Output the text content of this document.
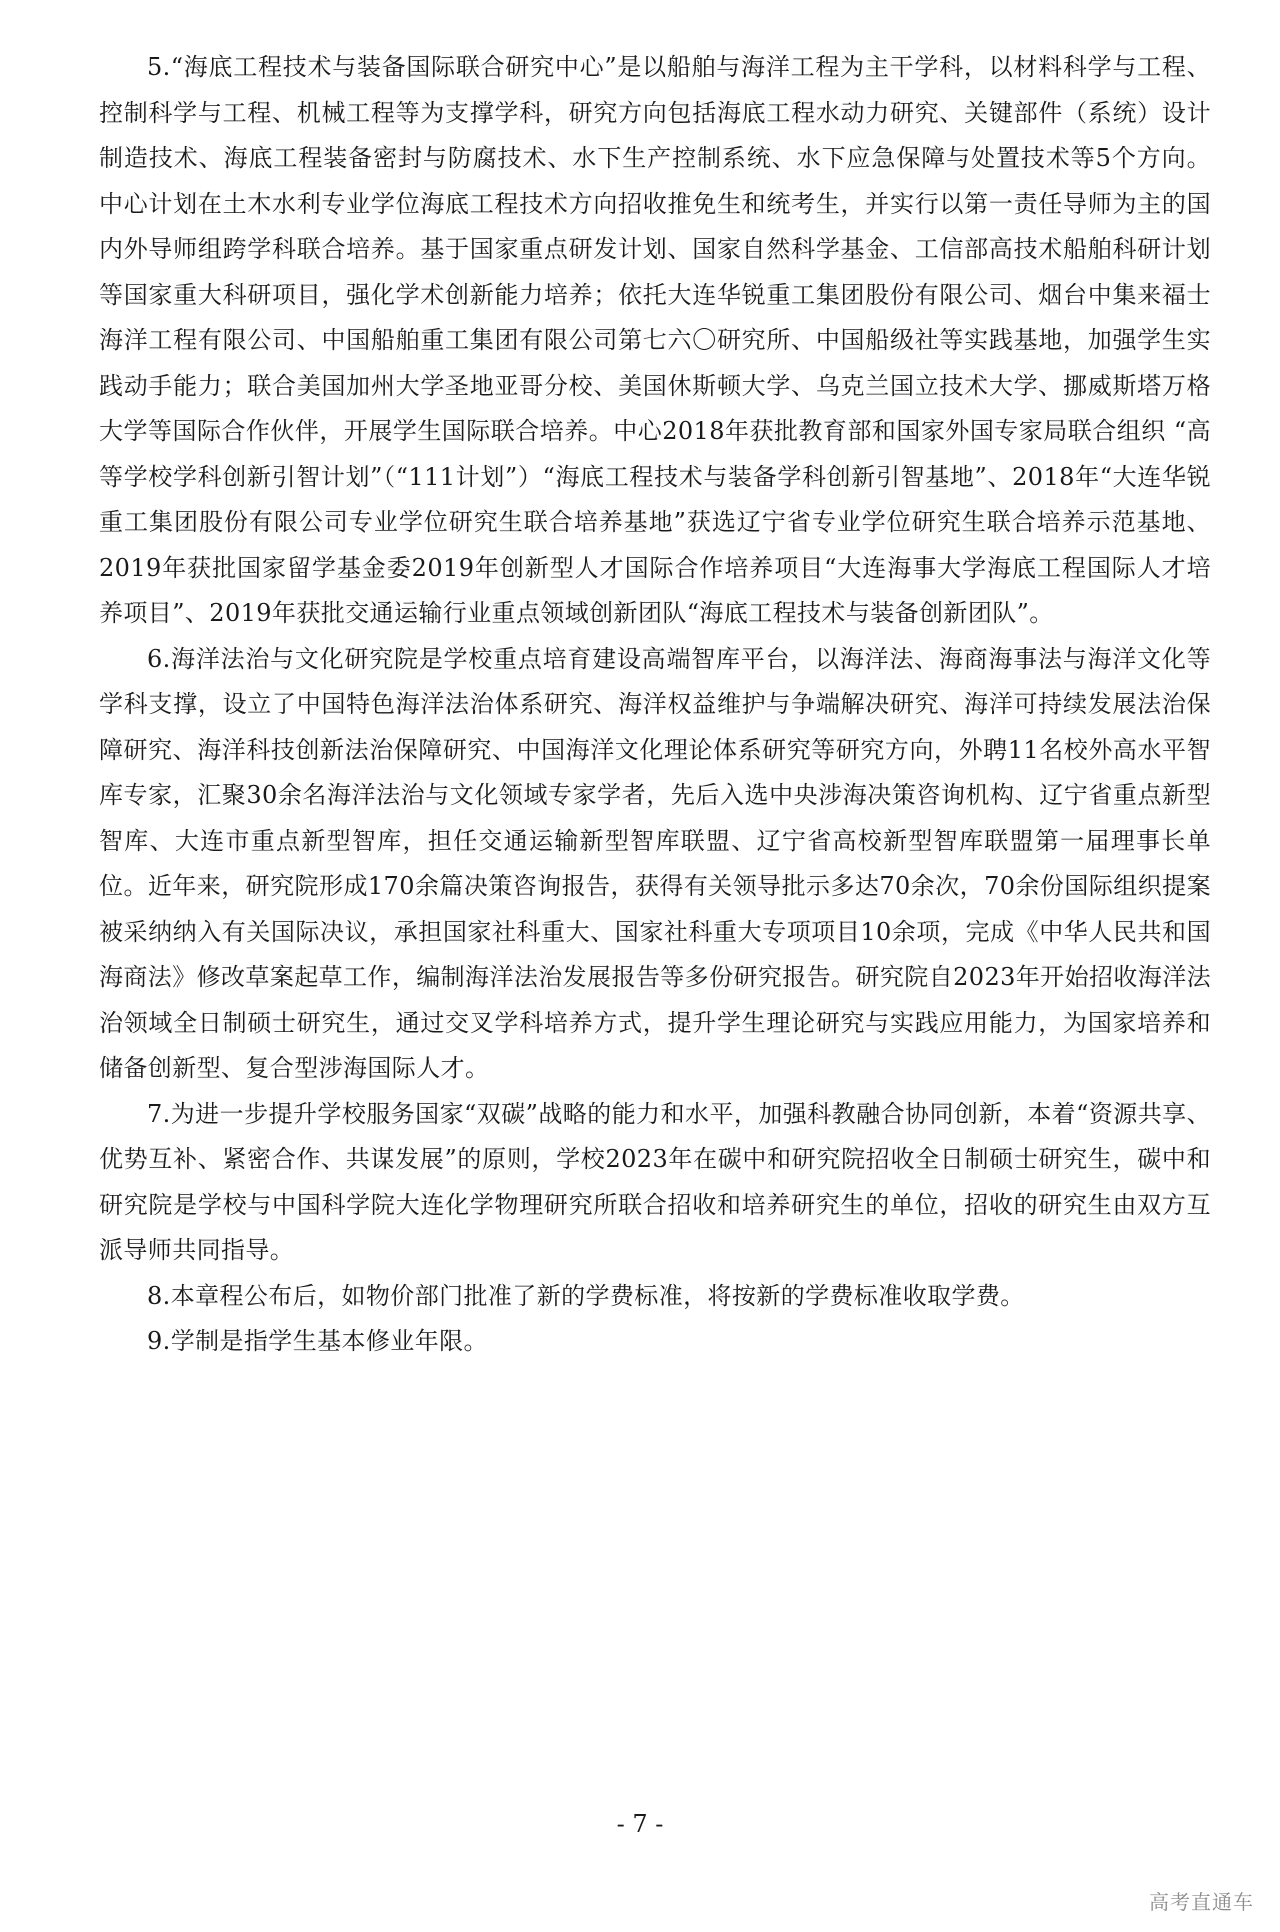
5.“海底工程技术与装备国际联合研究中心”是以船舶与海洋工程为主干学科，以材料科学与工程、控制科学与工程、机械工程等为支撑学科，研究方向包括海底工程水动力研究、关键部件（系统）设计制造技术、海底工程装备密封与防腐技术、水下生产控制系统、水下应急保障与处置技术等5个方向。中心计划在土木水利专业学位海底工程技术方向招收推免生和统考生，并实行以第一责任导师为主的国内外导师组跨学科联合培养。基于国家重点研发计划、国家自然科学基金、工信部高技术船舶科研计划等国家重大科研项目，强化学术创新能力培养；依托大连华锐重工集团股份有限公司、烟台中集来福士海洋工程有限公司、中国船舶重工集团有限公司第七六〇研究所、中国船级社等实践基地，加强学生实践动手能力；联合美国加州大学圣地亚哥分校、美国休斯顿大学、乌克兰国立技术大学、挪威斯塔万格大学等国际合作伙伴，开展学生国际联合培养。中心2018年获批教育部和国家外国专家局联合组织 “高等学校学科创新引智计划”（“111计划”）“海底工程技术与装备学科创新引智基地”、2018年“大连华锐重工集团股份有限公司专业学位研究生联合培养基地”获选辽宁省专业学位研究生联合培养示范基地、2019年获批国家留学基金委2019年创新型人才国际合作培养项目“大连海事大学海底工程国际人才培养项目”、2019年获批交通运输行业重点领域创新团队“海底工程技术与装备创新团队”。

6.海洋法治与文化研究院是学校重点培育建设高端智库平台，以海洋法、海商海事法与海洋文化等学科支撑，设立了中国特色海洋法治体系研究、海洋权益维护与争端解决研究、海洋可持续发展法治保障研究、海洋科技创新法治保障研究、中国海洋文化理论体系研究等研究方向，外聘11名校外高水平智库专家，汇聚30余名海洋法治与文化领域专家学者，先后入选中央涉海决策咨询机构、辽宁省重点新型智库、大连市重点新型智库，担任交通运输新型智库联盟、辽宁省高校新型智库联盟第一届理事长单位。近年来，研究院形成170余篇决策咨询报告，获得有关领导批示多达70余次，70余份国际组织提案被采纳纳入有关国际决议，承担国家社科重大、国家社科重大专项项目10余项，完成《中华人民共和国海商法》修改草案起草工作，编制海洋法治发展报告等多份研究报告。研究院自2023年开始招收海洋法治领域全日制硕士研究生，通过交叉学科培养方式，提升学生理论研究与实践应用能力，为国家培养和储备创新型、复合型涉海国际人才。

7.为进一步提升学校服务国家“双碳”战略的能力和水平，加强科教融合协同创新，本着“资源共享、优势互补、紧密合作、共谋发展”的原则，学校2023年在碳中和研究院招收全日制硕士研究生，碳中和研究院是学校与中国科学院大连化学物理研究所联合招收和培养研究生的单位，招收的研究生由双方互派导师共同指导。

8.本章程公布后，如物价部门批准了新的学费标准，将按新的学费标准收取学费。

9.学制是指学生基本修业年限。

- 7 -
高考直通车
